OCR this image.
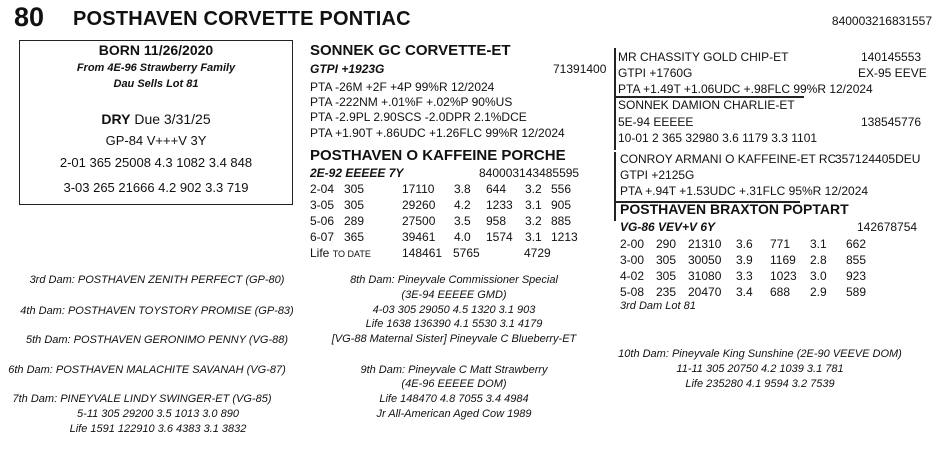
80 POSTHAVEN CORVETTE PONTIAC	840003216831557
BORN 11/26/2020
From 4E-96 Strawberry Family
Dau Sells Lot 81
DRY Due 3/31/25
GP-84 V+++V 3Y
2-01 365 25008 4.3 1082 3.4 848
3-03 265 21666 4.2 902 3.3 719
SONNEK GC CORVETTE-ET
GTPI +1923G	71391400
PTA -26M +2F +4P 99%R 12/2024
PTA -222NM +.01%F +.02%P 90%US
PTA -2.9PL 2.90SCS -2.0DPR 2.1%DCE
PTA +1.90T +.86UDC +1.26FLC 99%R 12/2024
POSTHAVEN O KAFFEINE PORCHE
2E-92 EEEEE 7Y	840003143485595
2-04 305	17110 3.8 644 3.2 556
3-05 305	29260 4.2 1233 3.1 905
5-06 289	27500 3.5 958 3.2 885
6-07 365	39461 4.0 1574 3.1 1213
Life TO DATE	148461 5765	4729
MR CHASSITY GOLD CHIP-ET	140145553
GTPI +1760G	EX-95 EEVE
PTA +1.49T +1.06UDC +.98FLC 99%R 12/2024
SONNEK DAMION CHARLIE-ET
5E-94 EEEEE	138545776
10-01 2 365 32980 3.6 1179 3.3 1101
CONROY ARMANI O KAFFEINE-ET RC
357124405DEU
GTPI +2125G
PTA +.94T +1.53UDC +.31FLC 95%R 12/2024
POSTHAVEN BRAXTON POPTART
VG-86 VEV+V 6Y	142678754
2-00 290 21310 3.6 771 3.1 662
3-00 305 30050 3.9 1169 2.8 855
4-02 305 31080 3.3 1023 3.0 923
5-08 235 20470 3.4 688 2.9 589
3rd Dam Lot 81
3rd Dam: POSTHAVEN ZENITH PERFECT (GP-80)
4th Dam: POSTHAVEN TOYSTORY PROMISE (GP-83)
5th Dam: POSTHAVEN GERONIMO PENNY (VG-88)
6th Dam: POSTHAVEN MALACHITE SAVANAH (VG-87)
7th Dam: PINEYVALE LINDY SWINGER-ET (VG-85)
5-11 305 29200 3.5 1013 3.0 890
Life 1591 122910 3.6 4383 3.1 3832
8th Dam: Pineyvale Commissioner Special
(3E-94 EEEEE GMD)
4-03 305 29050 4.5 1320 3.1 903
Life 1638 136390 4.1 5530 3.1 4179
[VG-88 Maternal Sister] Pineyvale C Blueberry-ET
9th Dam: Pineyvale C Matt Strawberry
(4E-96 EEEEE DOM)
Life 148470 4.8 7055 3.4 4984
Jr All-American Aged Cow 1989
10th Dam: Pineyvale King Sunshine (2E-90 VEEVE DOM)
11-11 305 20750 4.2 1039 3.1 781
Life 235280 4.1 9594 3.2 7539
